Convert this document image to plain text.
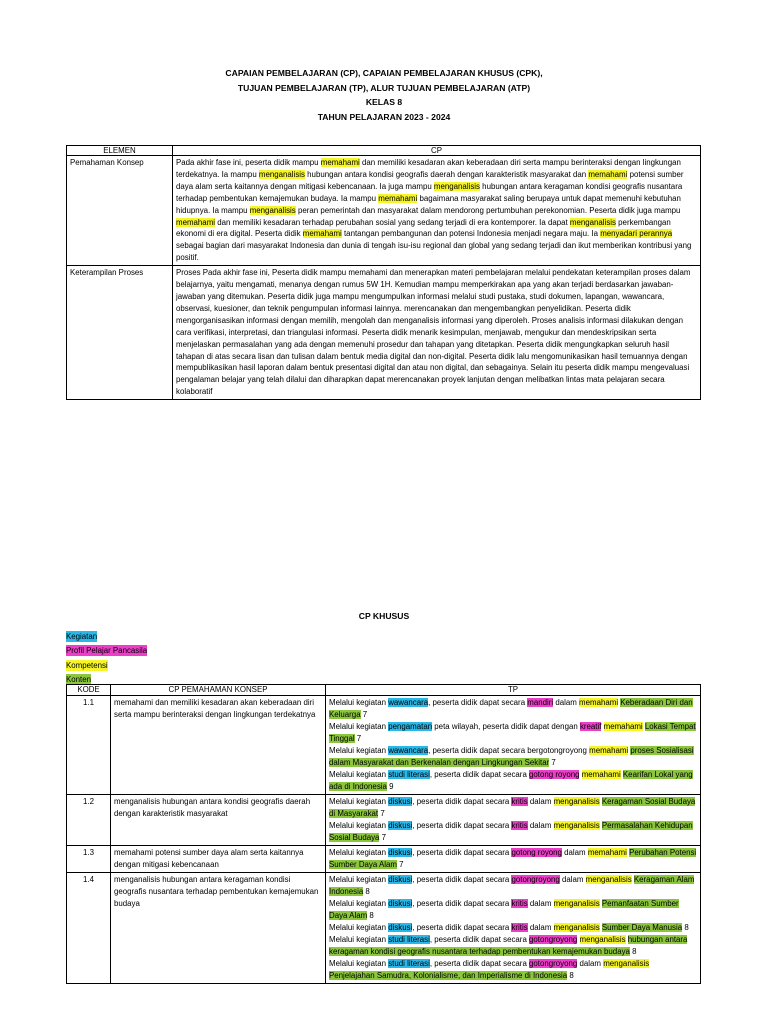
CAPAIAN PEMBELAJARAN (CP), CAPAIAN PEMBELAJARAN KHUSUS (CPK),
TUJUAN PEMBELAJARAN (TP), ALUR TUJUAN PEMBELAJARAN (ATP)
KELAS 8
TAHUN PELAJARAN 2023 - 2024
ELEMEN	CP
Pemahaman Konsep	Pada akhir fase ini, peserta didik mampu memahami dan memiliki kesadaran akan keberadaan diri serta mampu berinteraksi dengan lingkungan terdekatnya. Ia mampu menganalisis hubungan antara kondisi geografis daerah dengan karakteristik masyarakat dan memahami potensi sumber daya alam serta kaitannya dengan mitigasi kebencanaan. Ia juga mampu menganalisis hubungan antara keragaman kondisi geografis nusantara terhadap pembentukan kemajemukan budaya. Ia mampu memahami bagaimana masyarakat saling berupaya untuk dapat memenuhi kebutuhan hidupnya. Ia mampu menganalisis peran pemerintah dan masyarakat dalam mendorong pertumbuhan perekonomian. Peserta didik juga mampu memahami dan memiliki kesadaran terhadap perubahan sosial yang sedang terjadi di era kontemporer. Ia dapat menganalisis perkembangan ekonomi di era digital. Peserta didik memahami tantangan pembangunan dan potensi Indonesia menjadi negara maju. Ia menyadari perannya sebagai bagian dari masyarakat Indonesia dan dunia di tengah isu-isu regional dan global yang sedang terjadi dan ikut memberikan kontribusi yang positif.
Keterampilan Proses	Proses Pada akhir fase ini, Peserta didik mampu memahami dan menerapkan materi pembelajaran melalui pendekatan keterampilan proses dalam belajarnya, yaitu mengamati, menanya dengan rumus 5W 1H. Kemudian mampu memperkirakan apa yang akan terjadi berdasarkan jawaban-jawaban yang ditemukan. Peserta didik juga mampu mengumpulkan informasi melalui studi pustaka, studi dokumen, lapangan, wawancara, observasi, kuesioner, dan teknik pengumpulan informasi lainnya. merencanakan dan mengembangkan penyelidikan. Peserta didik mengorganisasikan informasi dengan memilih, mengolah dan menganalisis informasi yang diperoleh. Proses analisis informasi dilakukan dengan cara verifikasi, interpretasi, dan triangulasi informasi. Peserta didik menarik kesimpulan, menjawab, mengukur dan mendeskripsikan serta menjelaskan permasalahan yang ada dengan memenuhi prosedur dan tahapan yang ditetapkan. Peserta didik mengungkapkan seluruh hasil tahapan di atas secara lisan dan tulisan dalam bentuk media digital dan non-digital. Peserta didik lalu mengomunikasikan hasil temuannya dengan mempublikasikan hasil laporan dalam bentuk presentasi digital dan atau non digital, dan sebagainya. Selain itu peserta didik mampu mengevaluasi pengalaman belajar yang telah dilalui dan diharapkan dapat merencanakan proyek lanjutan dengan melibatkan lintas mata pelajaran secara kolaboratif
CP KHUSUS
Kegiatan
Profil Pelajar Pancasila
Kompetensi
Konten
KODE	CP PEMAHAMAN KONSEP	TP
1.1	memahami dan memiliki kesadaran akan keberadaan diri serta mampu berinteraksi dengan lingkungan terdekatnya	Melalui kegiatan wawancara, peserta didik dapat secara mandiri dalam memahami Keberadaan Diri dan Keluarga 7
Melalui kegiatan pengamatan peta wilayah, peserta didik dapat dengan kreatif memahami Lokasi Tempat Tinggal 7
Melalui kegiatan wawancara, peserta didik dapat secara bergotongroyong memahami proses Sosialisasi dalam Masyarakat dan Berkenalan dengan Lingkungan Sekitar 7
Melalui kegiatan studi literasi, peserta didik dapat secara gotong royong memahami Kearifan Lokal yang ada di Indonesia 9

1.2	menganalisis hubungan antara kondisi geografis daerah dengan karakteristik masyarakat	Melalui kegiatan diskusi, peserta didik dapat secara kritis dalam menganalisis Keragaman Sosial Budaya di Masyarakat 7
Melalui kegiatan diskusi, peserta didik dapat secara kritis dalam menganalisis Permasalahan Kehidupan Sosial Budaya 7

1.3	memahami potensi sumber daya alam serta kaitannya dengan mitigasi kebencanaan	Melalui kegiatan diskusi, peserta didik dapat secara gotong royong dalam memahami Perubahan Potensi Sumber Daya Alam 7

1.4	menganalisis hubungan antara keragaman kondisi geografis nusantara terhadap pembentukan kemajemukan budaya	Melalui kegiatan diskusi, peserta didik dapat secara gotongroyong dalam menganalisis Keragaman Alam Indonesia 8
Melalui kegiatan diskusi, peserta didik dapat secara kritis dalam menganalisis Pemanfaatan Sumber Daya Alam 8
Melalui kegiatan diskusi, peserta didik dapat secara kritis dalam menganalisis Sumber Daya Manusia 8
Melalui kegiatan studi literasi, peserta didik dapat secara gotongroyong menganalisis hubungan antara keragaman kondisi geografis nusantara terhadap pembentukan kemajemukan budaya 8
Melalui kegiatan studi literasi, peserta didik dapat secara gotongroyong dalam menganalisis Penjelajahan Samudra, Kolonialisme, dan Imperialisme di Indonesia 8
